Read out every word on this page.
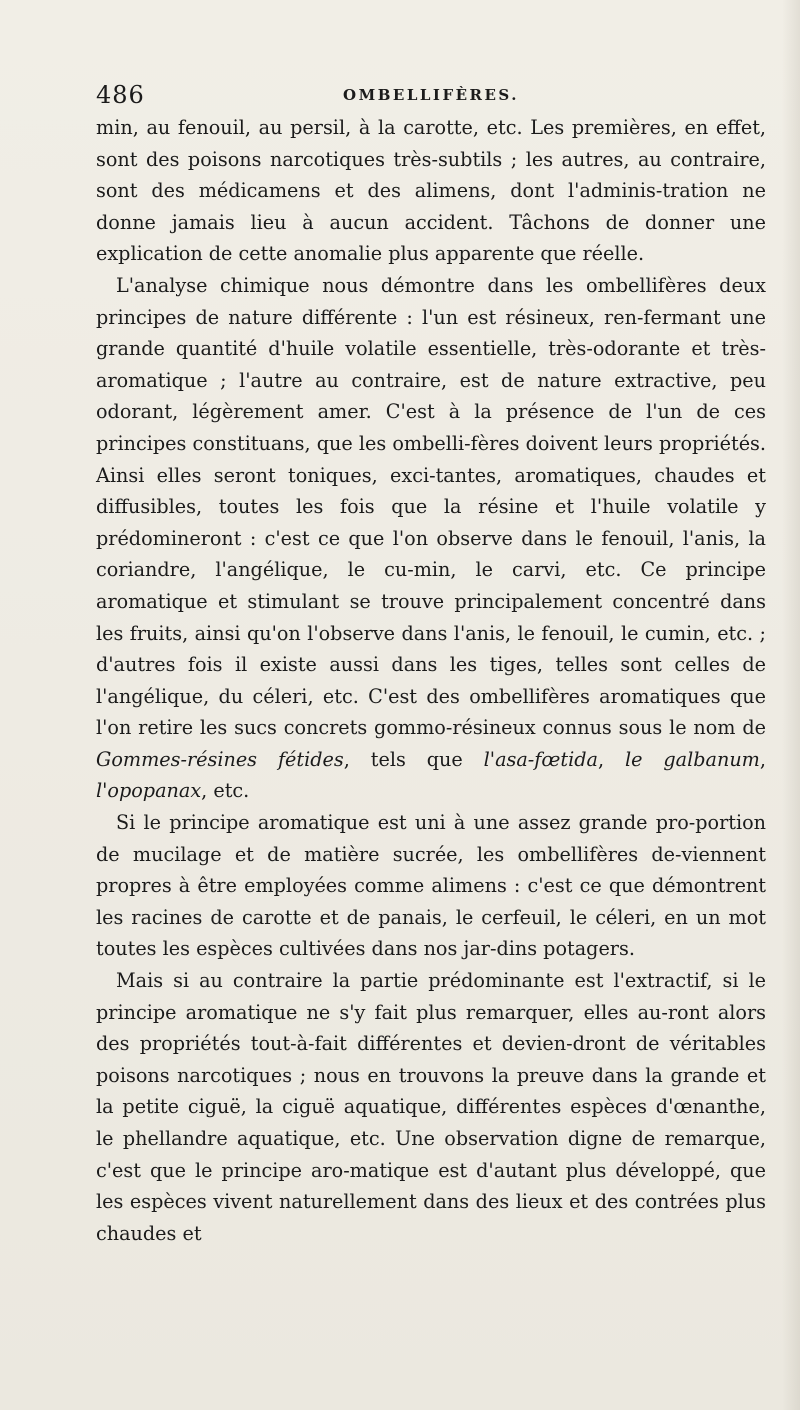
486	OMBELLIFÈRES.

min, au fenouil, au persil, à la carotte, etc. Les premières, en effet, sont des poisons narcotiques très-subtils ; les autres, au contraire, sont des médicamens et des alimens, dont l'adminis-tration ne donne jamais lieu à aucun accident. Tâchons de donner une explication de cette anomalie plus apparente que réelle.

L'analyse chimique nous démontre dans les ombellifères deux principes de nature différente : l'un est résineux, ren-fermant une grande quantité d'huile volatile essentielle, très-odorante et très-aromatique ; l'autre au contraire, est de nature extractive, peu odorant, légèrement amer. C'est à la présence de l'un de ces principes constituans, que les ombelli-fères doivent leurs propriétés. Ainsi elles seront toniques, exci-tantes, aromatiques, chaudes et diffusibles, toutes les fois que la résine et l'huile volatile y prédomineront : c'est ce que l'on observe dans le fenouil, l'anis, la coriandre, l'angélique, le cu-min, le carvi, etc. Ce principe aromatique et stimulant se trouve principalement concentré dans les fruits, ainsi qu'on l'observe dans l'anis, le fenouil, le cumin, etc. ; d'autres fois il existe aussi dans les tiges, telles sont celles de l'angélique, du céleri, etc. C'est des ombellifères aromatiques que l'on retire les sucs concrets gommo-résineux connus sous le nom de Gommes-résines fétides, tels que l'asa-fœtida, le galbanum, l'opopanax, etc.

Si le principe aromatique est uni à une assez grande pro-portion de mucilage et de matière sucrée, les ombellifères de-viennent propres à être employées comme alimens : c'est ce que démontrent les racines de carotte et de panais, le cerfeuil, le céleri, en un mot toutes les espèces cultivées dans nos jar-dins potagers.

Mais si au contraire la partie prédominante est l'extractif, si le principe aromatique ne s'y fait plus remarquer, elles au-ront alors des propriétés tout-à-fait différentes et devien-dront de véritables poisons narcotiques ; nous en trouvons la preuve dans la grande et la petite ciguë, la ciguë aquatique, différentes espèces d'œnanthe, le phellandre aquatique, etc. Une observation digne de remarque, c'est que le principe aro-matique est d'autant plus développé, que les espèces vivent naturellement dans des lieux et des contrées plus chaudes et
